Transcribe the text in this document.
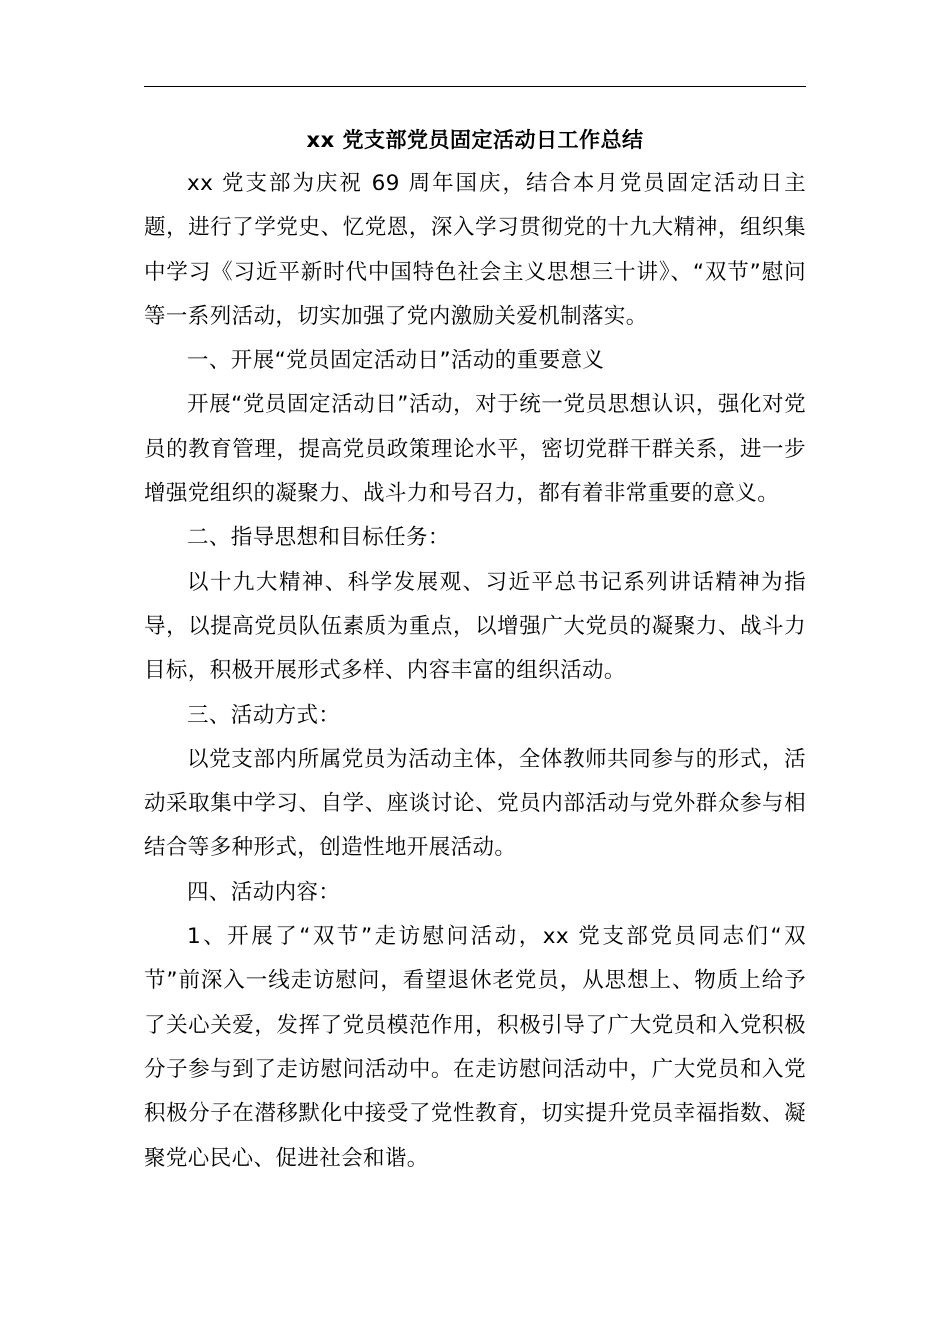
xx 党支部党员固定活动日工作总结

xx 党支部为庆祝 69 周年国庆，结合本月党员固定活动日主题，进行了学党史、忆党恩，深入学习贯彻党的十九大精神，组织集中学习《习近平新时代中国特色社会主义思想三十讲》、“双节”慰问等一系列活动，切实加强了党内激励关爱机制落实。

一、开展“党员固定活动日”活动的重要意义

开展“党员固定活动日”活动，对于统一党员思想认识，强化对党员的教育管理，提高党员政策理论水平，密切党群干群关系，进一步增强党组织的凝聚力、战斗力和号召力，都有着非常重要的意义。

二、指导思想和目标任务：

以十九大精神、科学发展观、习近平总书记系列讲话精神为指导，以提高党员队伍素质为重点，以增强广大党员的凝聚力、战斗力目标，积极开展形式多样、内容丰富的组织活动。

三、活动方式：

以党支部内所属党员为活动主体，全体教师共同参与的形式，活动采取集中学习、自学、座谈讨论、党员内部活动与党外群众参与相结合等多种形式，创造性地开展活动。

四、活动内容：

1、开展了“双节”走访慰问活动，xx 党支部党员同志们“双节”前深入一线走访慰问，看望退休老党员，从思想上、物质上给予了关心关爱，发挥了党员模范作用，积极引导了广大党员和入党积极分子参与到了走访慰问活动中。在走访慰问活动中，广大党员和入党积极分子在潜移默化中接受了党性教育，切实提升党员幸福指数、凝聚党心民心、促进社会和谐。
